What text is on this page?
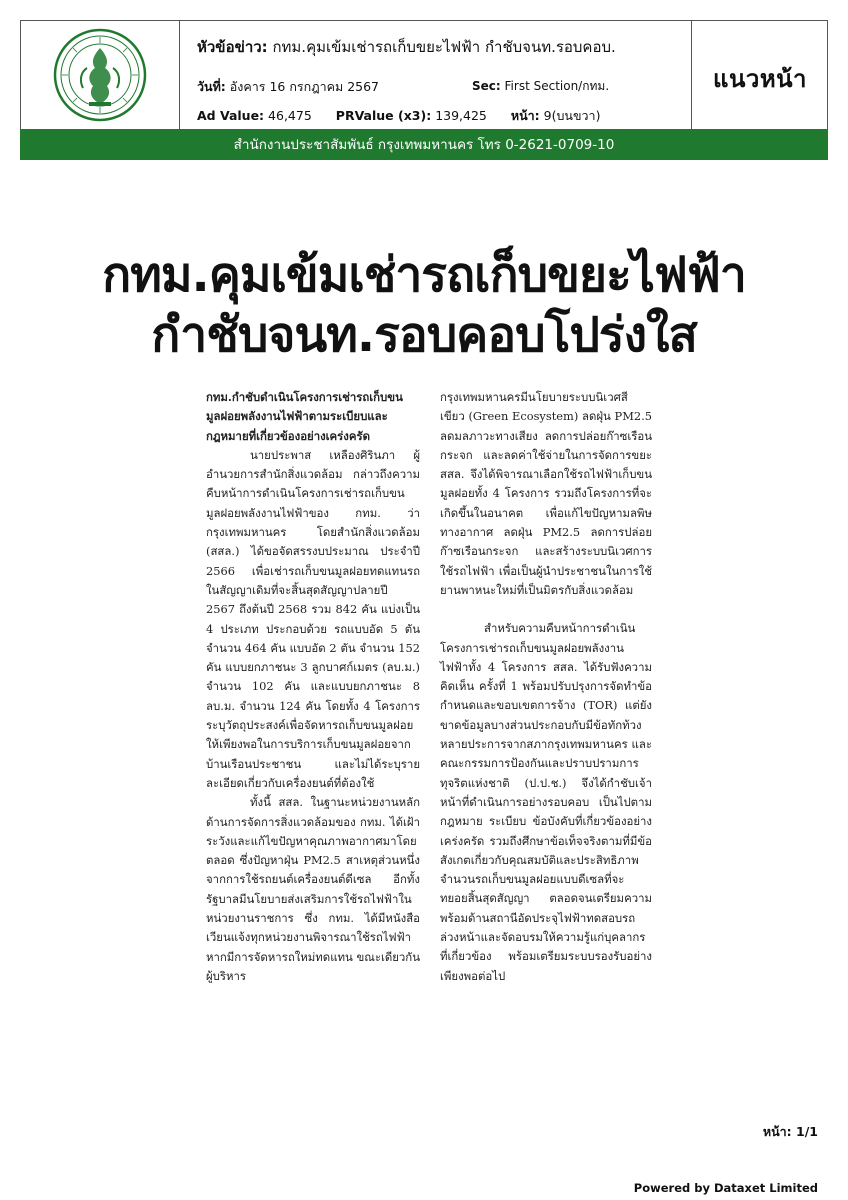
หัวข้อข่าว: กทม.คุมเข้มเช่ารถเก็บขยะไฟฟ้า กำชับจนท.รอบคอบ.
วันที่: อังคาร 16 กรกฎาคม 2567	Sec: First Section/กทม.
Ad Value: 46,475 PRValue (x3): 139,425 หน้า: 9(บนขวา)
แนวหน้า
สำนักงานประชาสัมพันธ์ กรุงเทพมหานคร โทร 0-2621-0709-10
กทม.คุมเข้มเช่ารถเก็บขยะไฟฟ้า
กำชับจนท.รอบคอบโปร่งใส

กทม.กำชับดำเนินโครงการเช่ารถเก็บขนมูลฝอยพลังงานไฟฟ้าตามระเบียบและกฎหมายที่เกี่ยวข้องอย่างเคร่งครัด

นายประพาส เหลืองศิรินภา ผู้อำนวยการสำนักสิ่งแวดล้อม กล่าวถึงความคืบหน้าการดำเนินโครงการเช่ารถเก็บขนมูลฝอยพลังงานไฟฟ้าของ กทม. ว่า กรุงเทพมหานคร โดยสำนักสิ่งแวดล้อม (สสล.) ได้ขอจัดสรรงบประมาณ ประจำปี 2566 เพื่อเช่ารถเก็บขนมูลฝอยทดแทนรถในสัญญาเดิมที่จะสิ้นสุดสัญญาปลายปี 2567 ถึงต้นปี 2568 รวม 842 คัน แบ่งเป็น 4 ประเภท ประกอบด้วย รถแบบอัด 5 ตัน จำนวน 464 คัน แบบอัด 2 ตัน จำนวน 152 คัน แบบยกภาชนะ 3 ลูกบาศก์เมตร (ลบ.ม.) จำนวน 102 คัน และแบบยกภาชนะ 8 ลบ.ม. จำนวน 124 คัน โดยทั้ง 4 โครงการ ระบุวัตถุประสงค์เพื่อจัดหารถเก็บขนมูลฝอยให้เพียงพอในการบริการเก็บขนมูลฝอยจากบ้านเรือนประชาชน และไม่ได้ระบุรายละเอียดเกี่ยวกับเครื่องยนต์ที่ต้องใช้

ทั้งนี้ สสล. ในฐานะหน่วยงานหลักด้านการจัดการสิ่งแวดล้อมของ กทม. ได้เฝ้าระวังและแก้ไขปัญหาคุณภาพอากาศมาโดยตลอด ซึ่งปัญหาฝุ่น PM2.5 สาเหตุส่วนหนึ่งจากการใช้รถยนต์เครื่องยนต์ดีเซล อีกทั้งรัฐบาลมีนโยบายส่งเสริมการใช้รถไฟฟ้าในหน่วยงานราชการ ซึ่ง กทม. ได้มีหนังสือเวียนแจ้งทุกหน่วยงานพิจารณาใช้รถไฟฟ้าหากมีการจัดหารถใหม่ทดแทน ขณะเดียวกันผู้บริหาร

กรุงเทพมหานครมีนโยบายระบบนิเวศสีเขียว (Green Ecosystem) ลดฝุ่น PM2.5 ลดมลภาวะทางเสียง ลดการปล่อยก๊าซเรือนกระจก และลดค่าใช้จ่ายในการจัดการขยะ สสล. จึงได้พิจารณาเลือกใช้รถไฟฟ้าเก็บขนมูลฝอยทั้ง 4 โครงการ รวมถึงโครงการที่จะเกิดขึ้นในอนาคต เพื่อแก้ไขปัญหามลพิษทางอากาศ ลดฝุ่น PM2.5 ลดการปล่อยก๊าซเรือนกระจก และสร้างระบบนิเวศการใช้รถไฟฟ้า เพื่อเป็นผู้นำประชาชนในการใช้ยานพาหนะใหม่ที่เป็นมิตรกับสิ่งแวดล้อม

สำหรับความคืบหน้าการดำเนินโครงการเช่ารถเก็บขนมูลฝอยพลังงานไฟฟ้าทั้ง 4 โครงการ สสล. ได้รับฟังความคิดเห็น ครั้งที่ 1 พร้อมปรับปรุงการจัดทำข้อกำหนดและขอบเขตการจ้าง (TOR) แต่ยังขาดข้อมูลบางส่วนประกอบกับมีข้อทักท้วงหลายประการจากสภากรุงเทพมหานคร และคณะกรรมการป้องกันและปราบปรามการทุจริตแห่งชาติ (ป.ป.ช.) จึงได้กำชับเจ้าหน้าที่ดำเนินการอย่างรอบคอบ เป็นไปตามกฎหมาย ระเบียบ ข้อบังคับที่เกี่ยวข้องอย่างเคร่งครัด รวมถึงศึกษาข้อเท็จจริงตามที่มีข้อสังเกตเกี่ยวกับคุณสมบัติและประสิทธิภาพจำนวนรถเก็บขนมูลฝอยแบบดีเซลที่จะทยอยสิ้นสุดสัญญา ตลอดจนเตรียมความพร้อมด้านสถานีอัดประจุไฟฟ้าทดสอบรถล่วงหน้าและจัดอบรมให้ความรู้แก่บุคลากรที่เกี่ยวข้อง พร้อมเตรียมระบบรองรับอย่างเพียงพอต่อไป

หน้า: 1/1
Powered by Dataxet Limited
